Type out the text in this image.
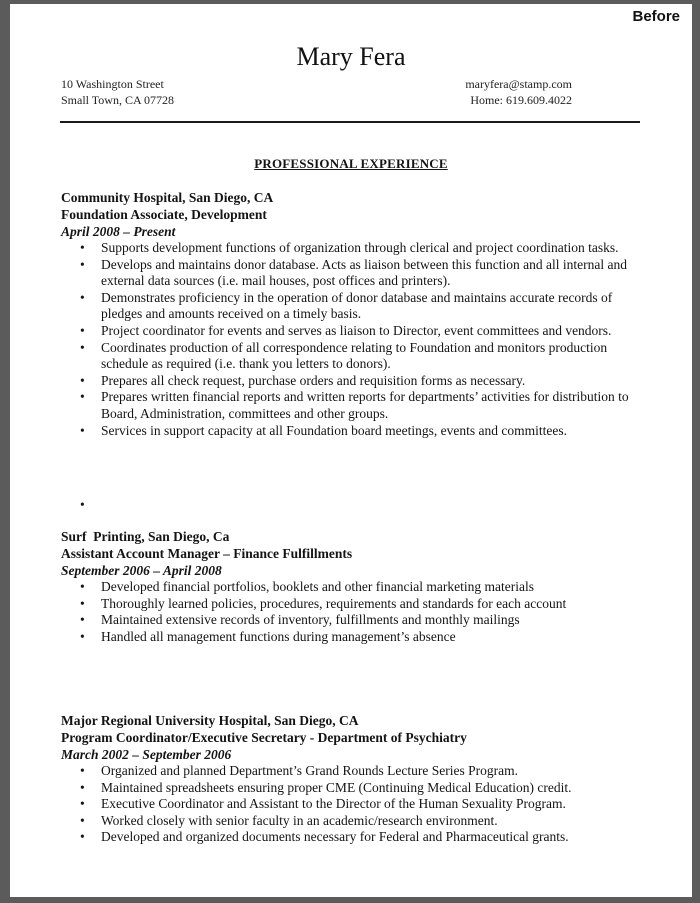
Mary Fera
10 Washington Street
Small Town, CA 07728
maryfera@stamp.com
Home: 619.609.4022
PROFESSIONAL EXPERIENCE
Community Hospital, San Diego, CA
Foundation Associate, Development
April 2008 – Present
• Supports development functions of organization through clerical and project coordination tasks.
• Develops and maintains donor database. Acts as liaison between this function and all internal and external data sources (i.e. mail houses, post offices and printers).
• Demonstrates proficiency in the operation of donor database and maintains accurate records of pledges and amounts received on a timely basis.
• Project coordinator for events and serves as liaison to Director, event committees and vendors.
• Coordinates production of all correspondence relating to Foundation and monitors production schedule as required (i.e. thank you letters to donors).
• Prepares all check request, purchase orders and requisition forms as necessary.
• Prepares written financial reports and written reports for departments’ activities for distribution to Board, Administration, committees and other groups.
• Services in support capacity at all Foundation board meetings, events and committees.
•
Surf  Printing, San Diego, Ca
Assistant Account Manager – Finance Fulfillments
September 2006 – April 2008
• Developed financial portfolios, booklets and other financial marketing materials
• Thoroughly learned policies, procedures, requirements and standards for each account
• Maintained extensive records of inventory, fulfillments and monthly mailings
• Handled all management functions during management’s absence
Major Regional University Hospital, San Diego, CA
Program Coordinator/Executive Secretary - Department of Psychiatry
March 2002 – September 2006
• Organized and planned Department’s Grand Rounds Lecture Series Program.
• Maintained spreadsheets ensuring proper CME (Continuing Medical Education) credit.
• Executive Coordinator and Assistant to the Director of the Human Sexuality Program.
• Worked closely with senior faculty in an academic/research environment.
• Developed and organized documents necessary for Federal and Pharmaceutical grants.
Before
